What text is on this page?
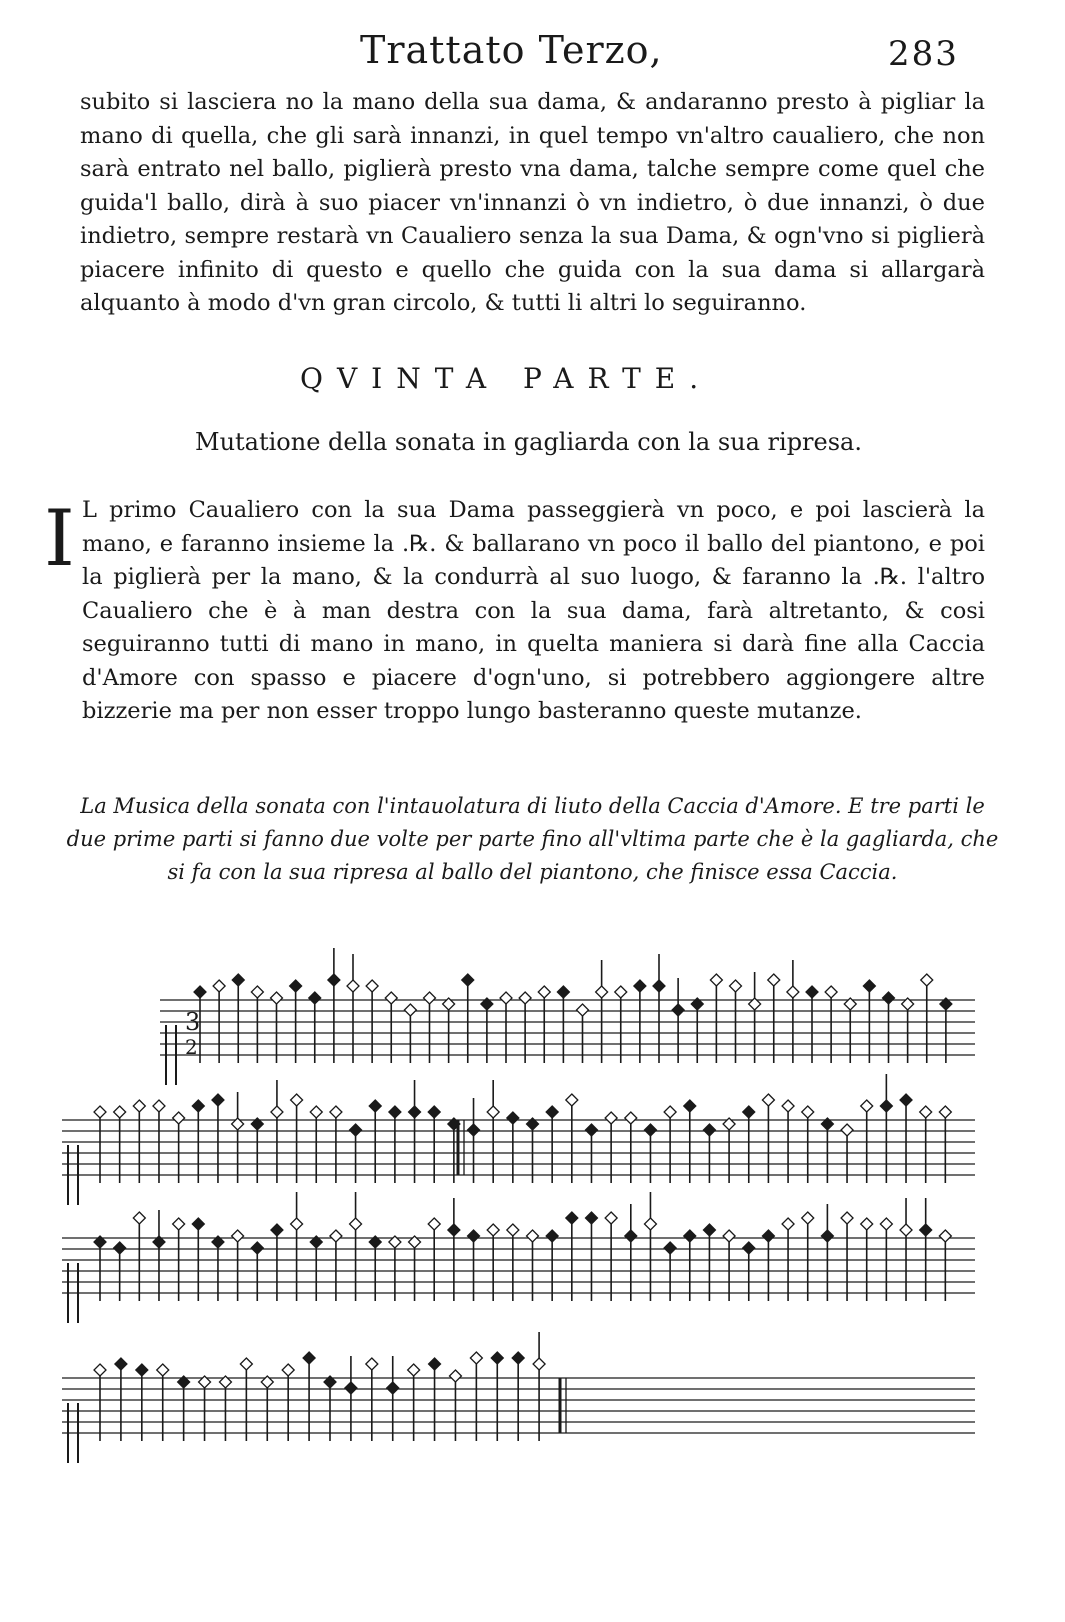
Trattato Terzo,	283

subito si lasciera no la mano della sua dama, & andaranno presto à pigliar la mano di quella, che gli sarà innanzi, in quel tempo vn'altro caualiero, che non sarà entrato nel ballo, piglierà presto vna dama, talche sempre come quel che guida'l ballo, dirà à suo piacer vn'innanzi ò vn indietro, ò due innanzi, ò due indietro, sempre restarà vn Caualiero senza la sua Dama, & ogn'vno si piglierà piacere infinito di questo e quello che guida con la sua dama si allargarà alquanto à modo d'vn gran circolo, & tutti li altri lo seguiranno.

QVINTA PARTE.
Mutatione della sonata in gagliarda con la sua ripresa.
I L primo Caualiero con la sua Dama passeggierà vn poco, e poi lascierà la mano, e faranno insieme la .℞. & ballarano vn poco il ballo del piantono, e poi la piglierà per la mano, & la condurrà al suo luogo, & faranno la .℞. l'altro Caualiero che è à man destra con la sua dama, farà altretanto, & cosi seguiranno tutti di mano in mano, in quelta maniera si darà fine alla Caccia d'Amore con spasso e piacere d'ogn'uno, si potrebbero aggiongere altre bizzerie ma per non esser troppo lungo basteranno queste mutanze.

La Musica della sonata con l'intauolatura di liuto della Caccia d'Amore. E tre parti le due prime parti si fanno due volte per parte fino all'vltima parte che è la gagliarda, che si fa con la sua ripresa al ballo del piantono, che finisce essa Caccia.

3
2
